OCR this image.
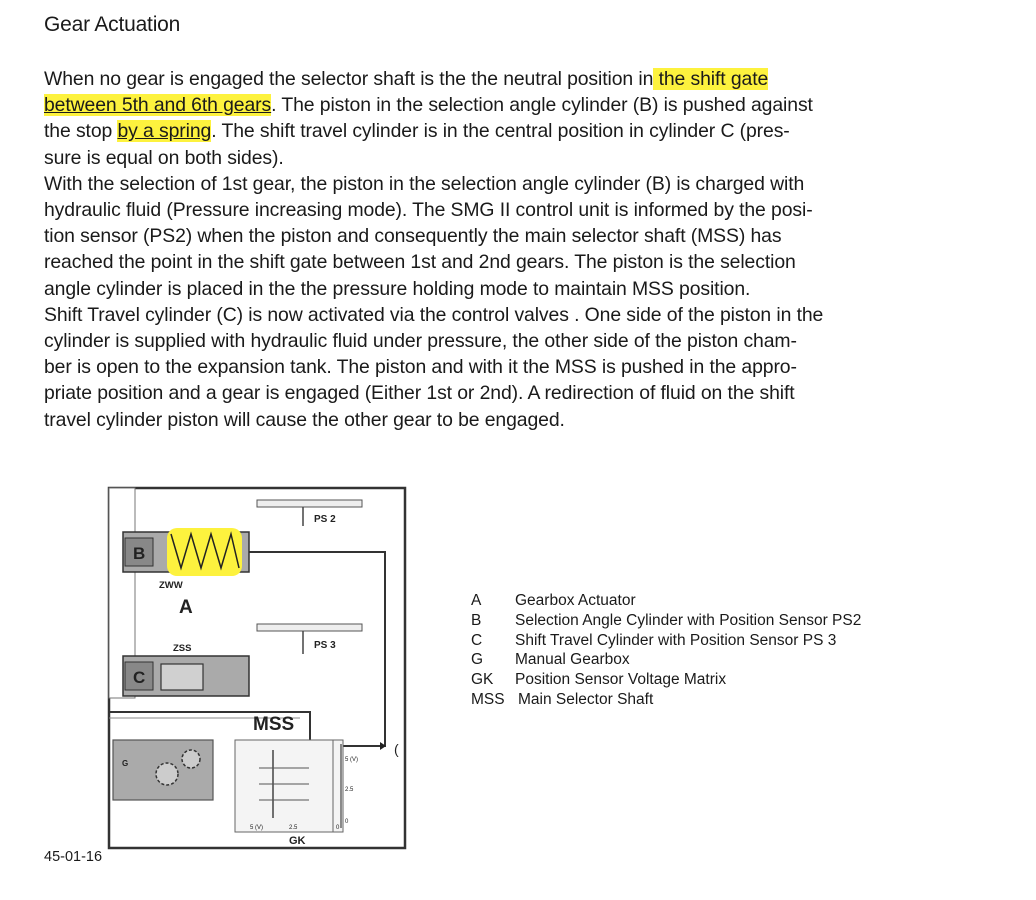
Gear Actuation

When no gear is engaged the selector shaft is the the neutral position in the shift gate
between 5th and 6th gears. The piston in the selection angle cylinder (B) is pushed against
the stop by a spring. The shift travel cylinder is in the central position in cylinder C (pres-
sure is equal on both sides).

With the selection of 1st gear, the piston in the selection angle cylinder (B) is charged with
hydraulic fluid (Pressure increasing mode). The SMG II control unit is informed by the posi-
tion sensor (PS2) when the piston and consequently the main selector shaft (MSS) has
reached the point in the shift gate between 1st and 2nd gears. The piston is the selection
angle cylinder is placed in the the pressure holding mode to maintain MSS position.

Shift Travel cylinder (C) is now activated via the control valves . One side of the piston in the
cylinder is supplied with hydraulic fluid under pressure, the other side of the piston cham-
ber is open to the expansion tank. The piston and with it the MSS is pushed in the appro-
priate position and a gear is engaged (Either 1st or 2nd). A redirection of fluid on the shift
travel cylinder piston will cause the other gear to be engaged.

PS 2
B
ZWW
A
PS 3
ZSS
C
MSS
(
G	5 (V)
2.5
0
5 (V)	2.5	0
GK
A	Gearbox Actuator
B	Selection Angle Cylinder with Position Sensor PS2
C	Shift Travel Cylinder with Position Sensor PS 3
G	Manual Gearbox
GK	Position Sensor Voltage Matrix
MSS Main Selector Shaft
45-01-16
